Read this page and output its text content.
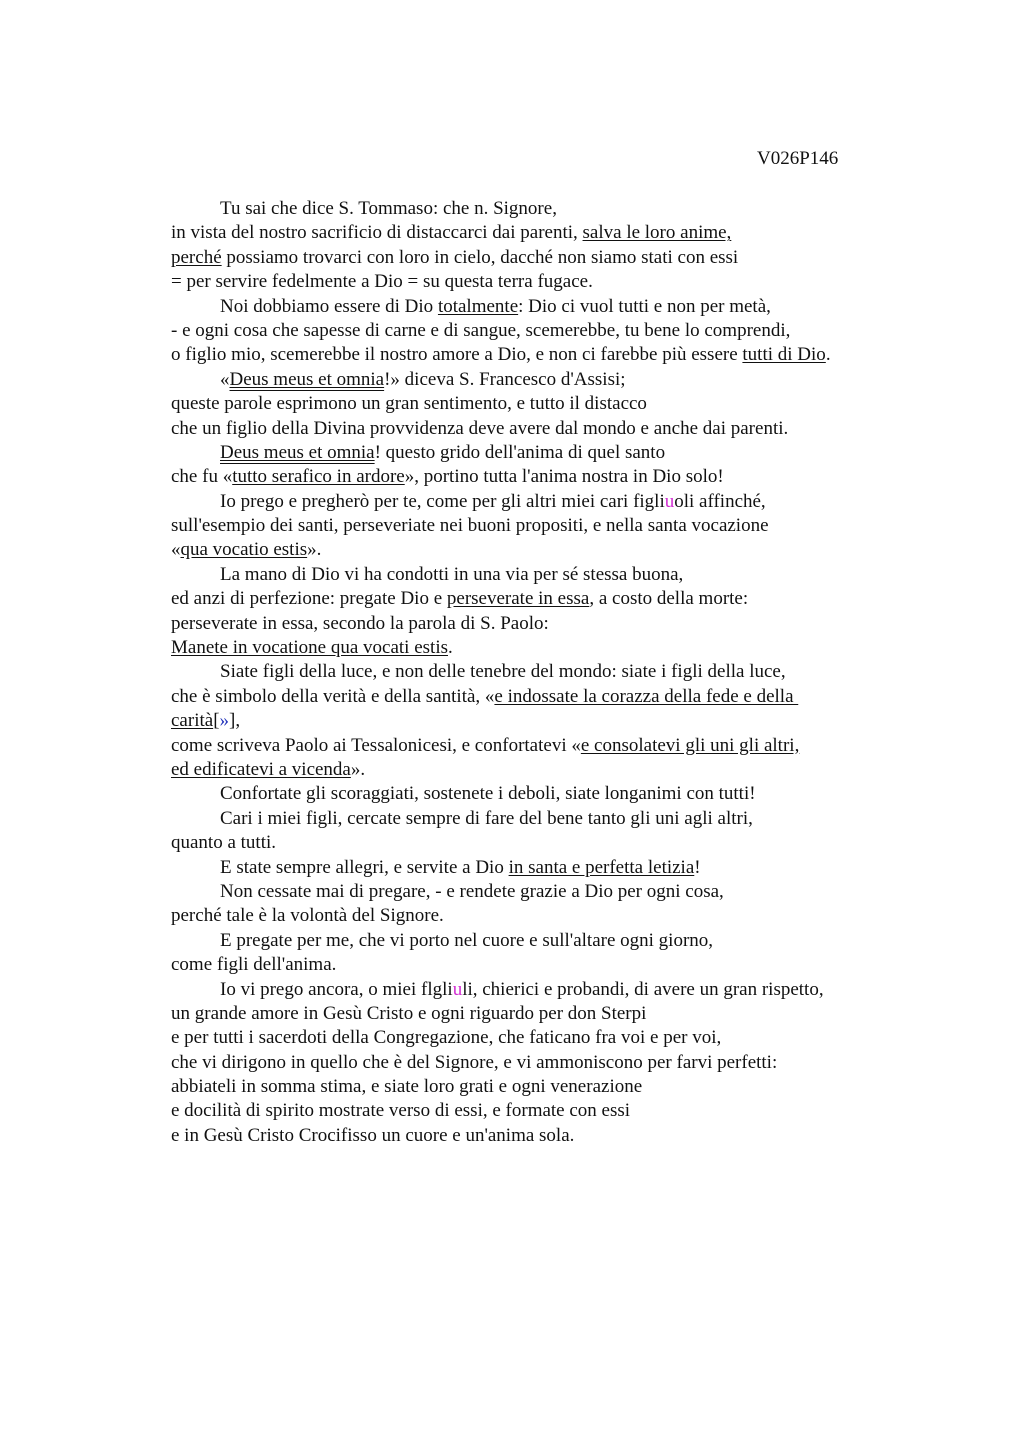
V026P146
Tu sai che dice S. Tommaso: che n. Signore,
in vista del nostro sacrificio di distaccarci dai parenti, salva le loro anime,
perché possiamo trovarci con loro in cielo, dacché non siamo stati con essi
= per servire fedelmente a Dio = su questa terra fugace.
Noi dobbiamo essere di Dio totalmente: Dio ci vuol tutti e non per metà,
- e ogni cosa che sapesse di carne e di sangue, scemerebbe, tu bene lo comprendi,
o figlio mio, scemerebbe il nostro amore a Dio, e non ci farebbe più essere tutti di Dio.
«Deus meus et omnia!» diceva S. Francesco d'Assisi;
queste parole esprimono un gran sentimento, e tutto il distacco
che un figlio della Divina provvidenza deve avere dal mondo e anche dai parenti.
Deus meus et omnia! questo grido dell'anima di quel santo
che fu «tutto serafico in ardore», portino tutta l'anima nostra in Dio solo!
Io prego e pregherò per te, come per gli altri miei cari figliuoli affinché,
sull'esempio dei santi, perseveriate nei buoni propositi, e nella santa vocazione
«qua vocatio estis».
La mano di Dio vi ha condotti in una via per sé stessa buona,
ed anzi di perfezione: pregate Dio e perseverate in essa, a costo della morte:
perseverate in essa, secondo la parola di S. Paolo:
Manete in vocatione qua vocati estis.
Siate figli della luce, e non delle tenebre del mondo: siate i figli della luce,
che è simbolo della verità e della santità, «e indossate la corazza della fede e della
carità[»],
come scriveva Paolo ai Tessalonicesi, e confortatevi «e consolatevi gli uni gli altri,
ed edificatevi a vicenda».
Confortate gli scoraggiati, sostenete i deboli, siate longanimi con tutti!
Cari i miei figli, cercate sempre di fare del bene tanto gli uni agli altri,
quanto a tutti.
E state sempre allegri, e servite a Dio in santa e perfetta letizia!
Non cessate mai di pregare, - e rendete grazie a Dio per ogni cosa,
perché tale è la volontà del Signore.
E pregate per me, che vi porto nel cuore e sull'altare ogni giorno,
come figli dell'anima.
Io vi prego ancora, o miei flgliuli, chierici e probandi, di avere un gran rispetto,
un grande amore in Gesù Cristo e ogni riguardo per don Sterpi
e per tutti i sacerdoti della Congregazione, che faticano fra voi e per voi,
che vi dirigono in quello che è del Signore, e vi ammoniscono per farvi perfetti:
abbiateli in somma stima, e siate loro grati e ogni venerazione
e docilità di spirito mostrate verso di essi, e formate con essi
e in Gesù Cristo Crocifisso un cuore e un'anima sola.
